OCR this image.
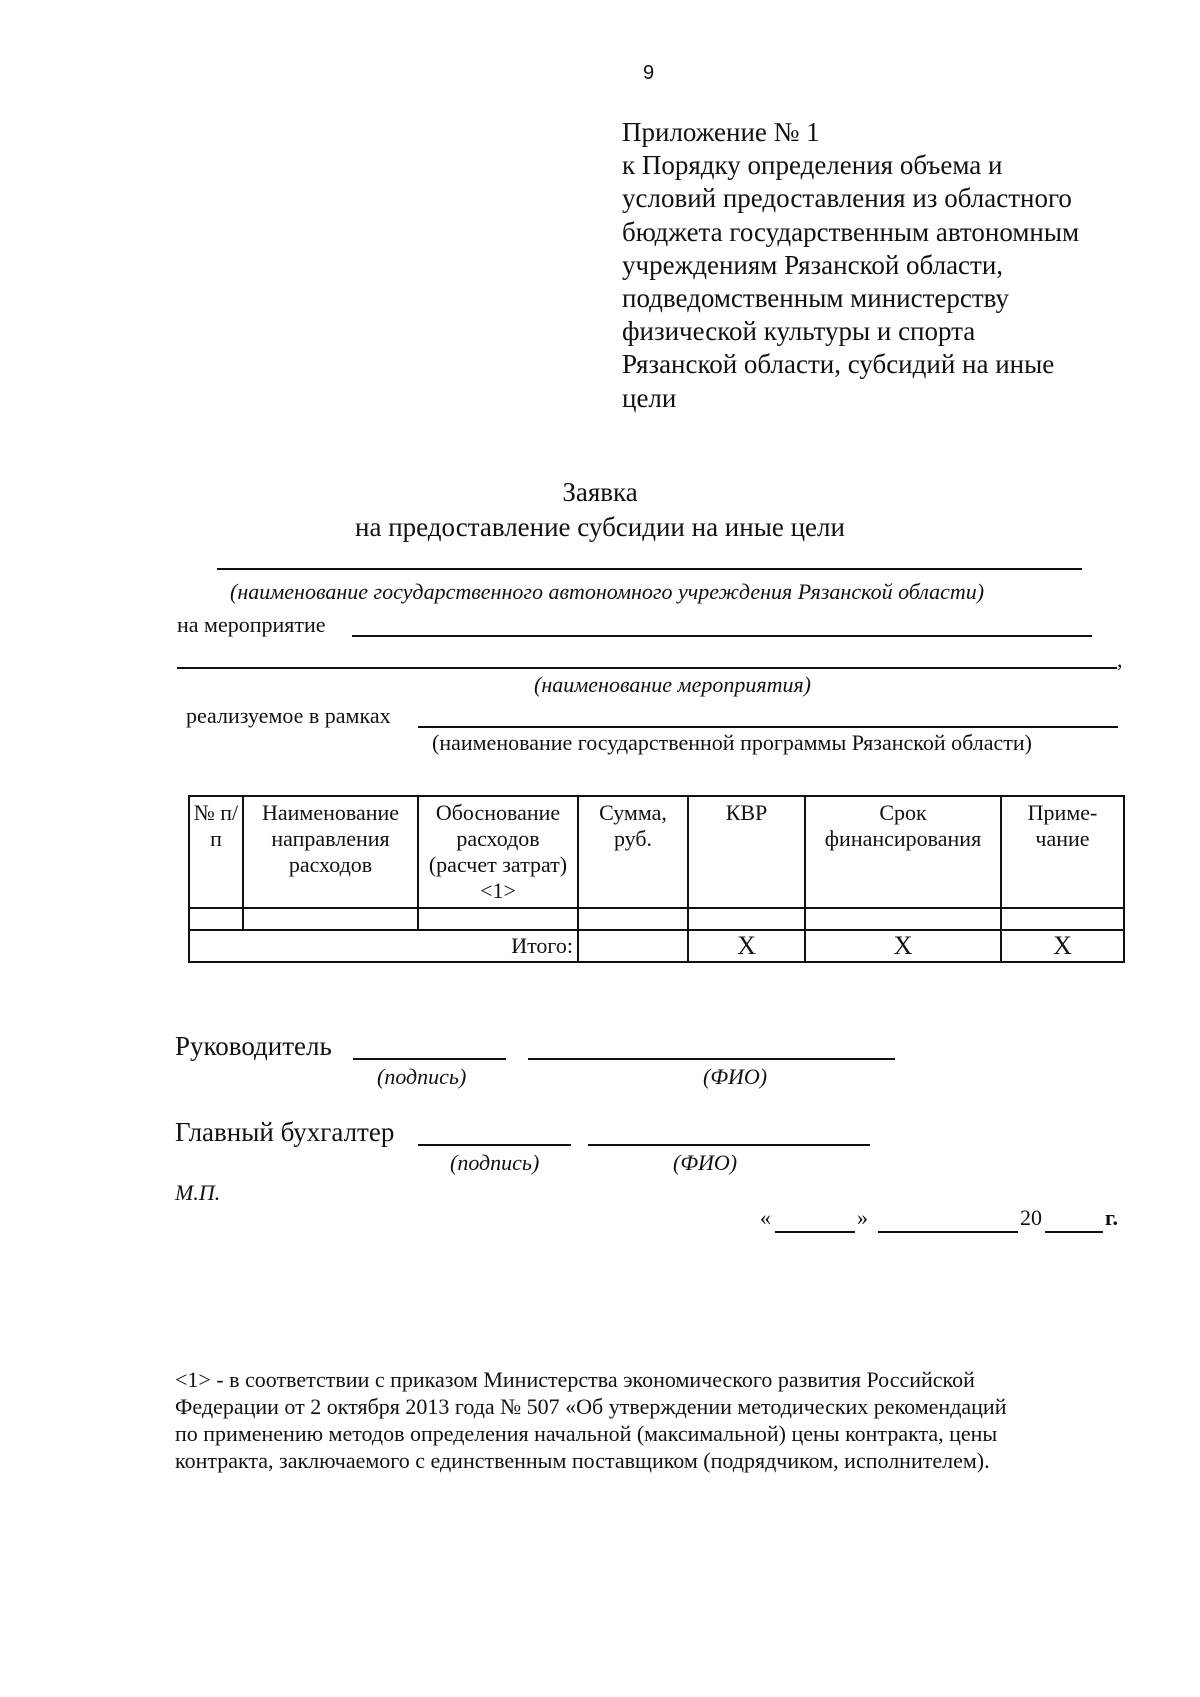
9
Приложение № 1
к Порядку определения объема и
условий предоставления из областного
бюджета государственным автономным
учреждениям Рязанской области,
подведомственным министерству
физической культуры и спорта
Рязанской области, субсидий на иные
цели
Заявка
на предоставление субсидии на иные цели
(наименование государственного автономного учреждения Рязанской области)
на мероприятие
,
(наименование мероприятия)
реализуемое в рамках
(наименование государственной программы Рязанской области)
№ п/п	Наименование направления расходов	Обоснование расходов (расчет затрат) <1>	Сумма, руб.	КВР	Срок финансирования	Приме-чание

Итого:				X	X	X
Руководитель
(подпись)	(ФИО)
Главный бухгалтер
(подпись)	(ФИО)
М.П.
«	»	20	г.
<1> - в соответствии с приказом Министерства экономического развития Российской
Федерации от 2 октября 2013 года № 507 «Об утверждении методических рекомендаций
по применению методов определения начальной (максимальной) цены контракта, цены
контракта, заключаемого с единственным поставщиком (подрядчиком, исполнителем).
